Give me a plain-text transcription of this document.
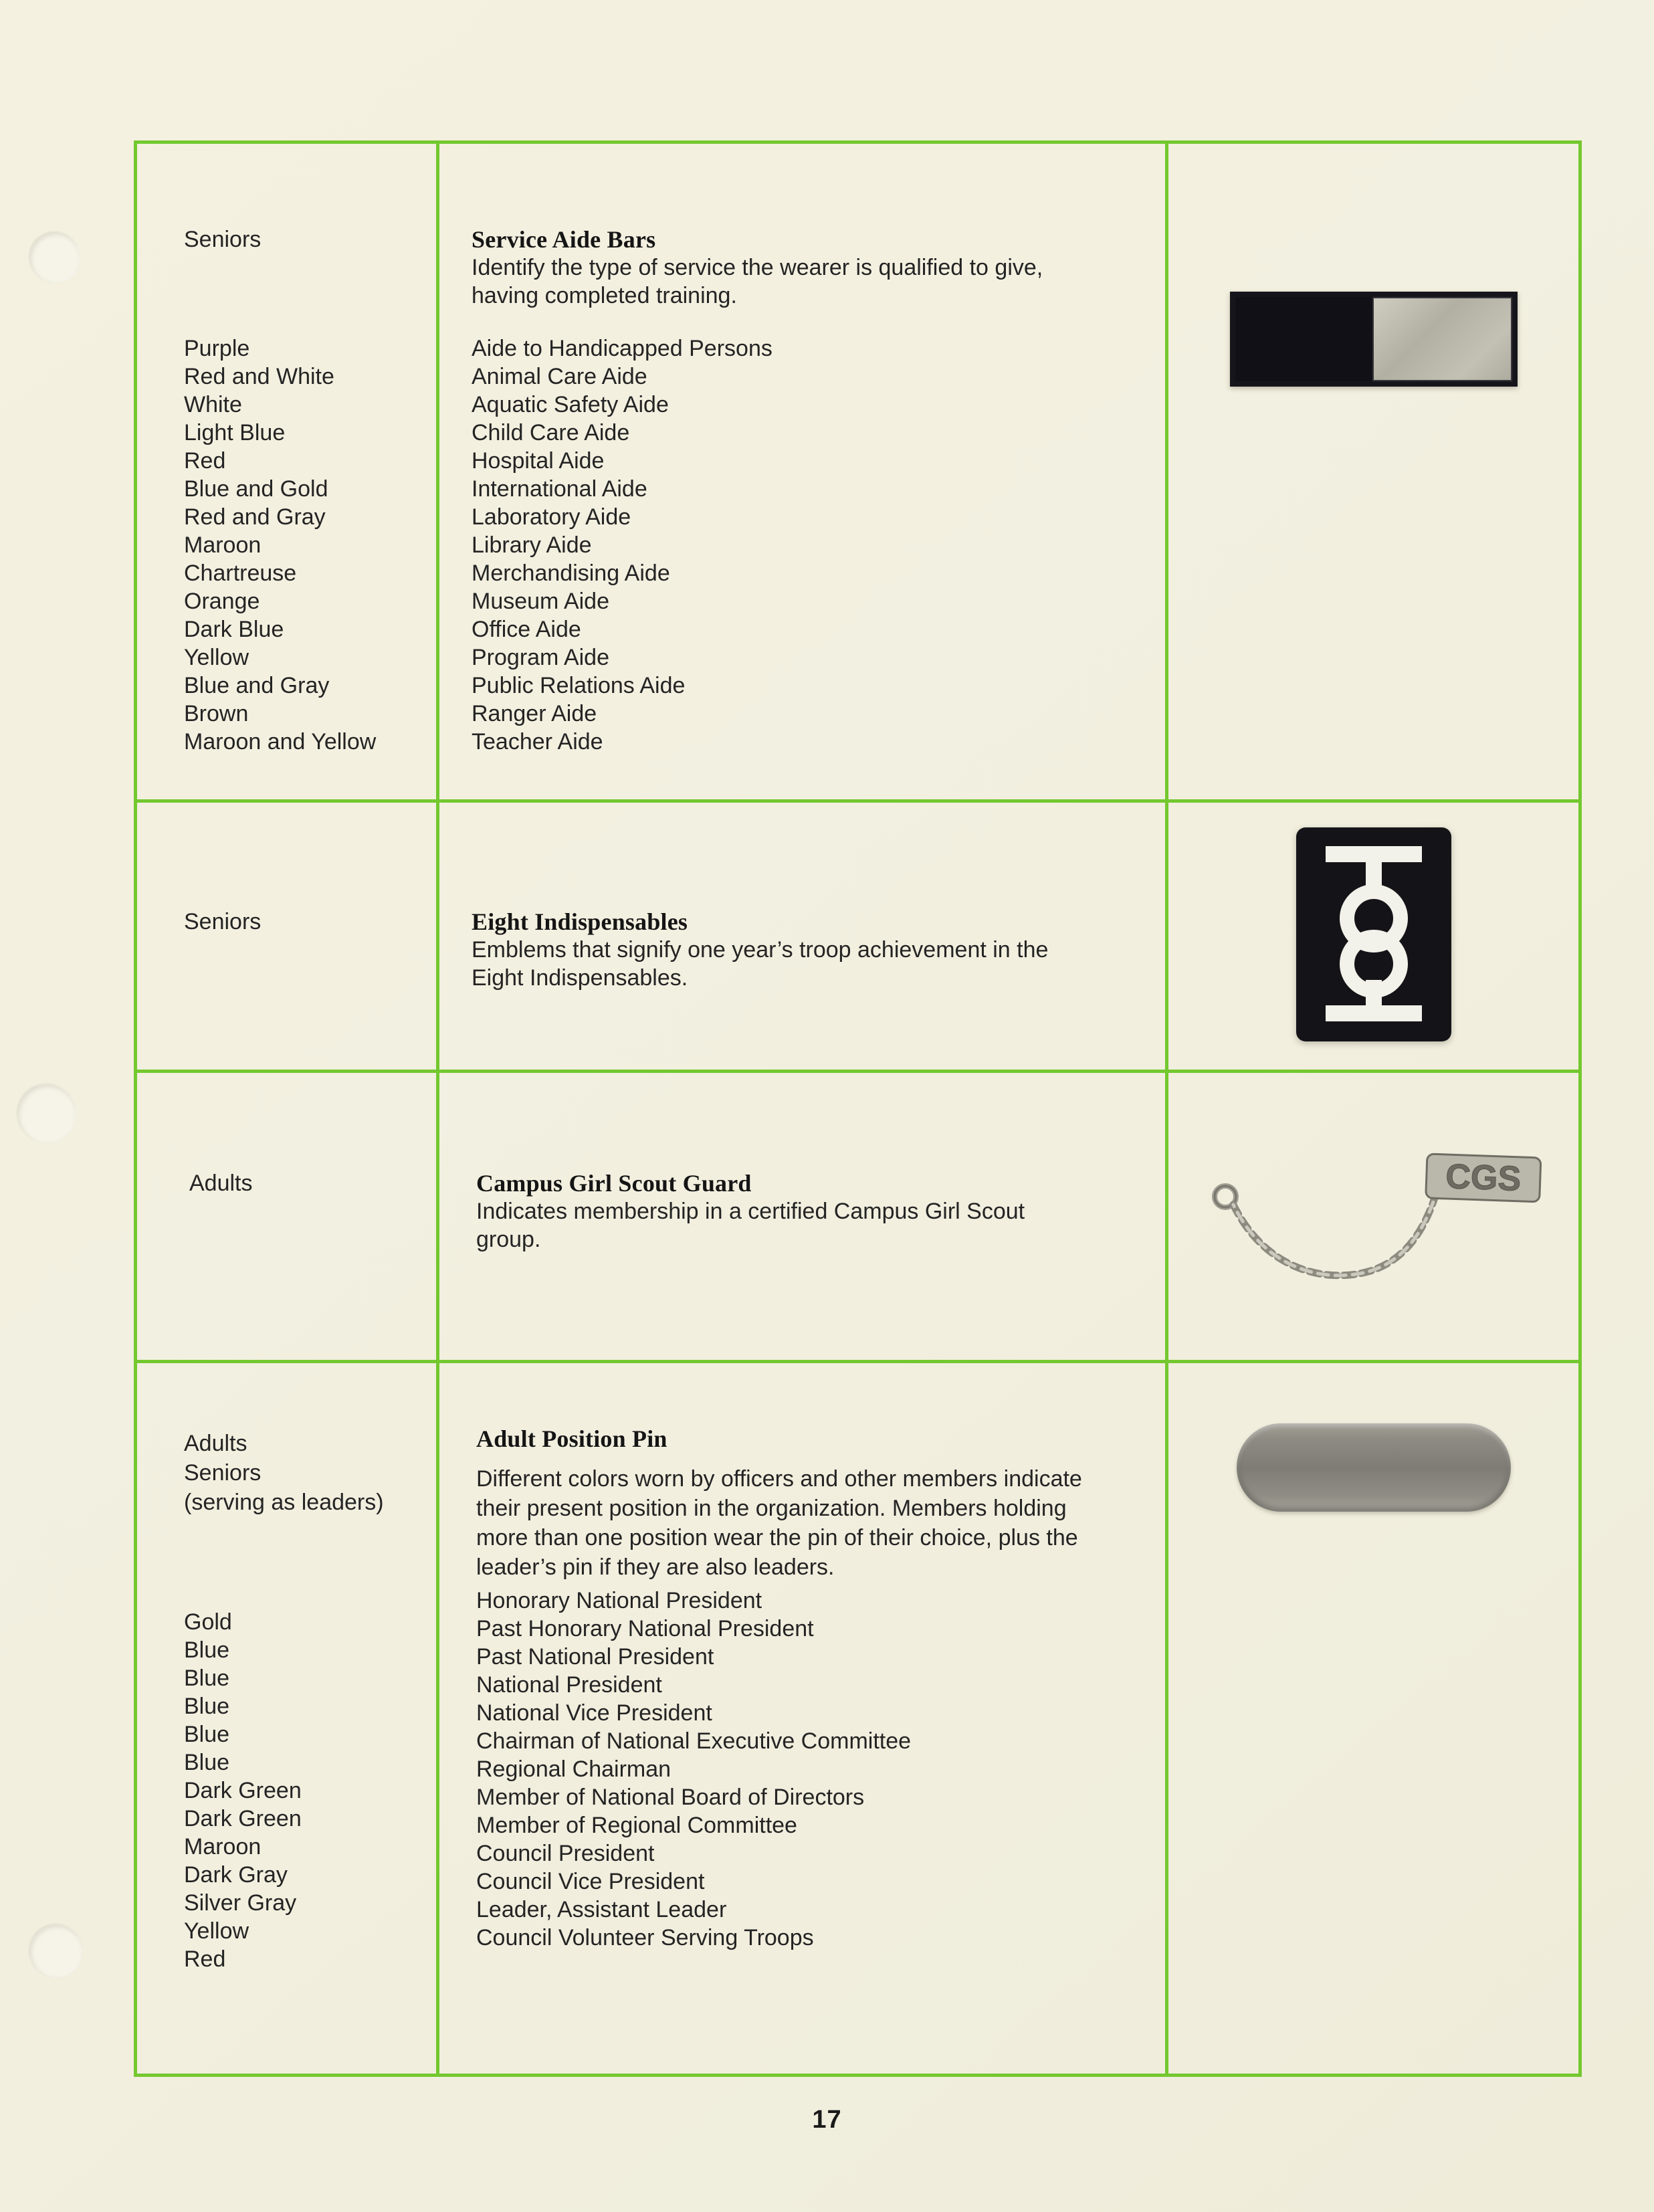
Seniors
Purple
Red and White
White
Light Blue
Red
Blue and Gold
Red and Gray
Maroon
Chartreuse
Orange
Dark Blue
Yellow
Blue and Gray
Brown
Maroon and Yellow
Service Aide Bars

Identify the type of service the wearer is qualified to give, having completed training.

Aide to Handicapped Persons
Animal Care Aide
Aquatic Safety Aide
Child Care Aide
Hospital Aide
International Aide
Laboratory Aide
Library Aide
Merchandising Aide
Museum Aide
Office Aide
Program Aide
Public Relations Aide
Ranger Aide
Teacher Aide
Seniors	Eight Indispensables

Emblems that signify one year’s troop achievement in the Eight Indispensables.

Adults	Campus Girl Scout Guard

Indicates membership in a certified Campus Girl Scout group.

CGS
Adults
Seniors
(serving as leaders)
Gold
Blue
Blue
Blue
Blue
Blue
Dark Green
Dark Green
Maroon
Dark Gray
Silver Gray
Yellow
Red
Adult Position Pin

Different colors worn by officers and other members indicate their present position in the organization. Members holding more than one position wear the pin of their choice, plus the leader’s pin if they are also leaders.

Honorary National President
Past Honorary National President
Past National President
National President
National Vice President
Chairman of National Executive Committee
Regional Chairman
Member of National Board of Directors
Member of Regional Committee
Council President
Council Vice President
Leader, Assistant Leader
Council Volunteer Serving Troops
17
